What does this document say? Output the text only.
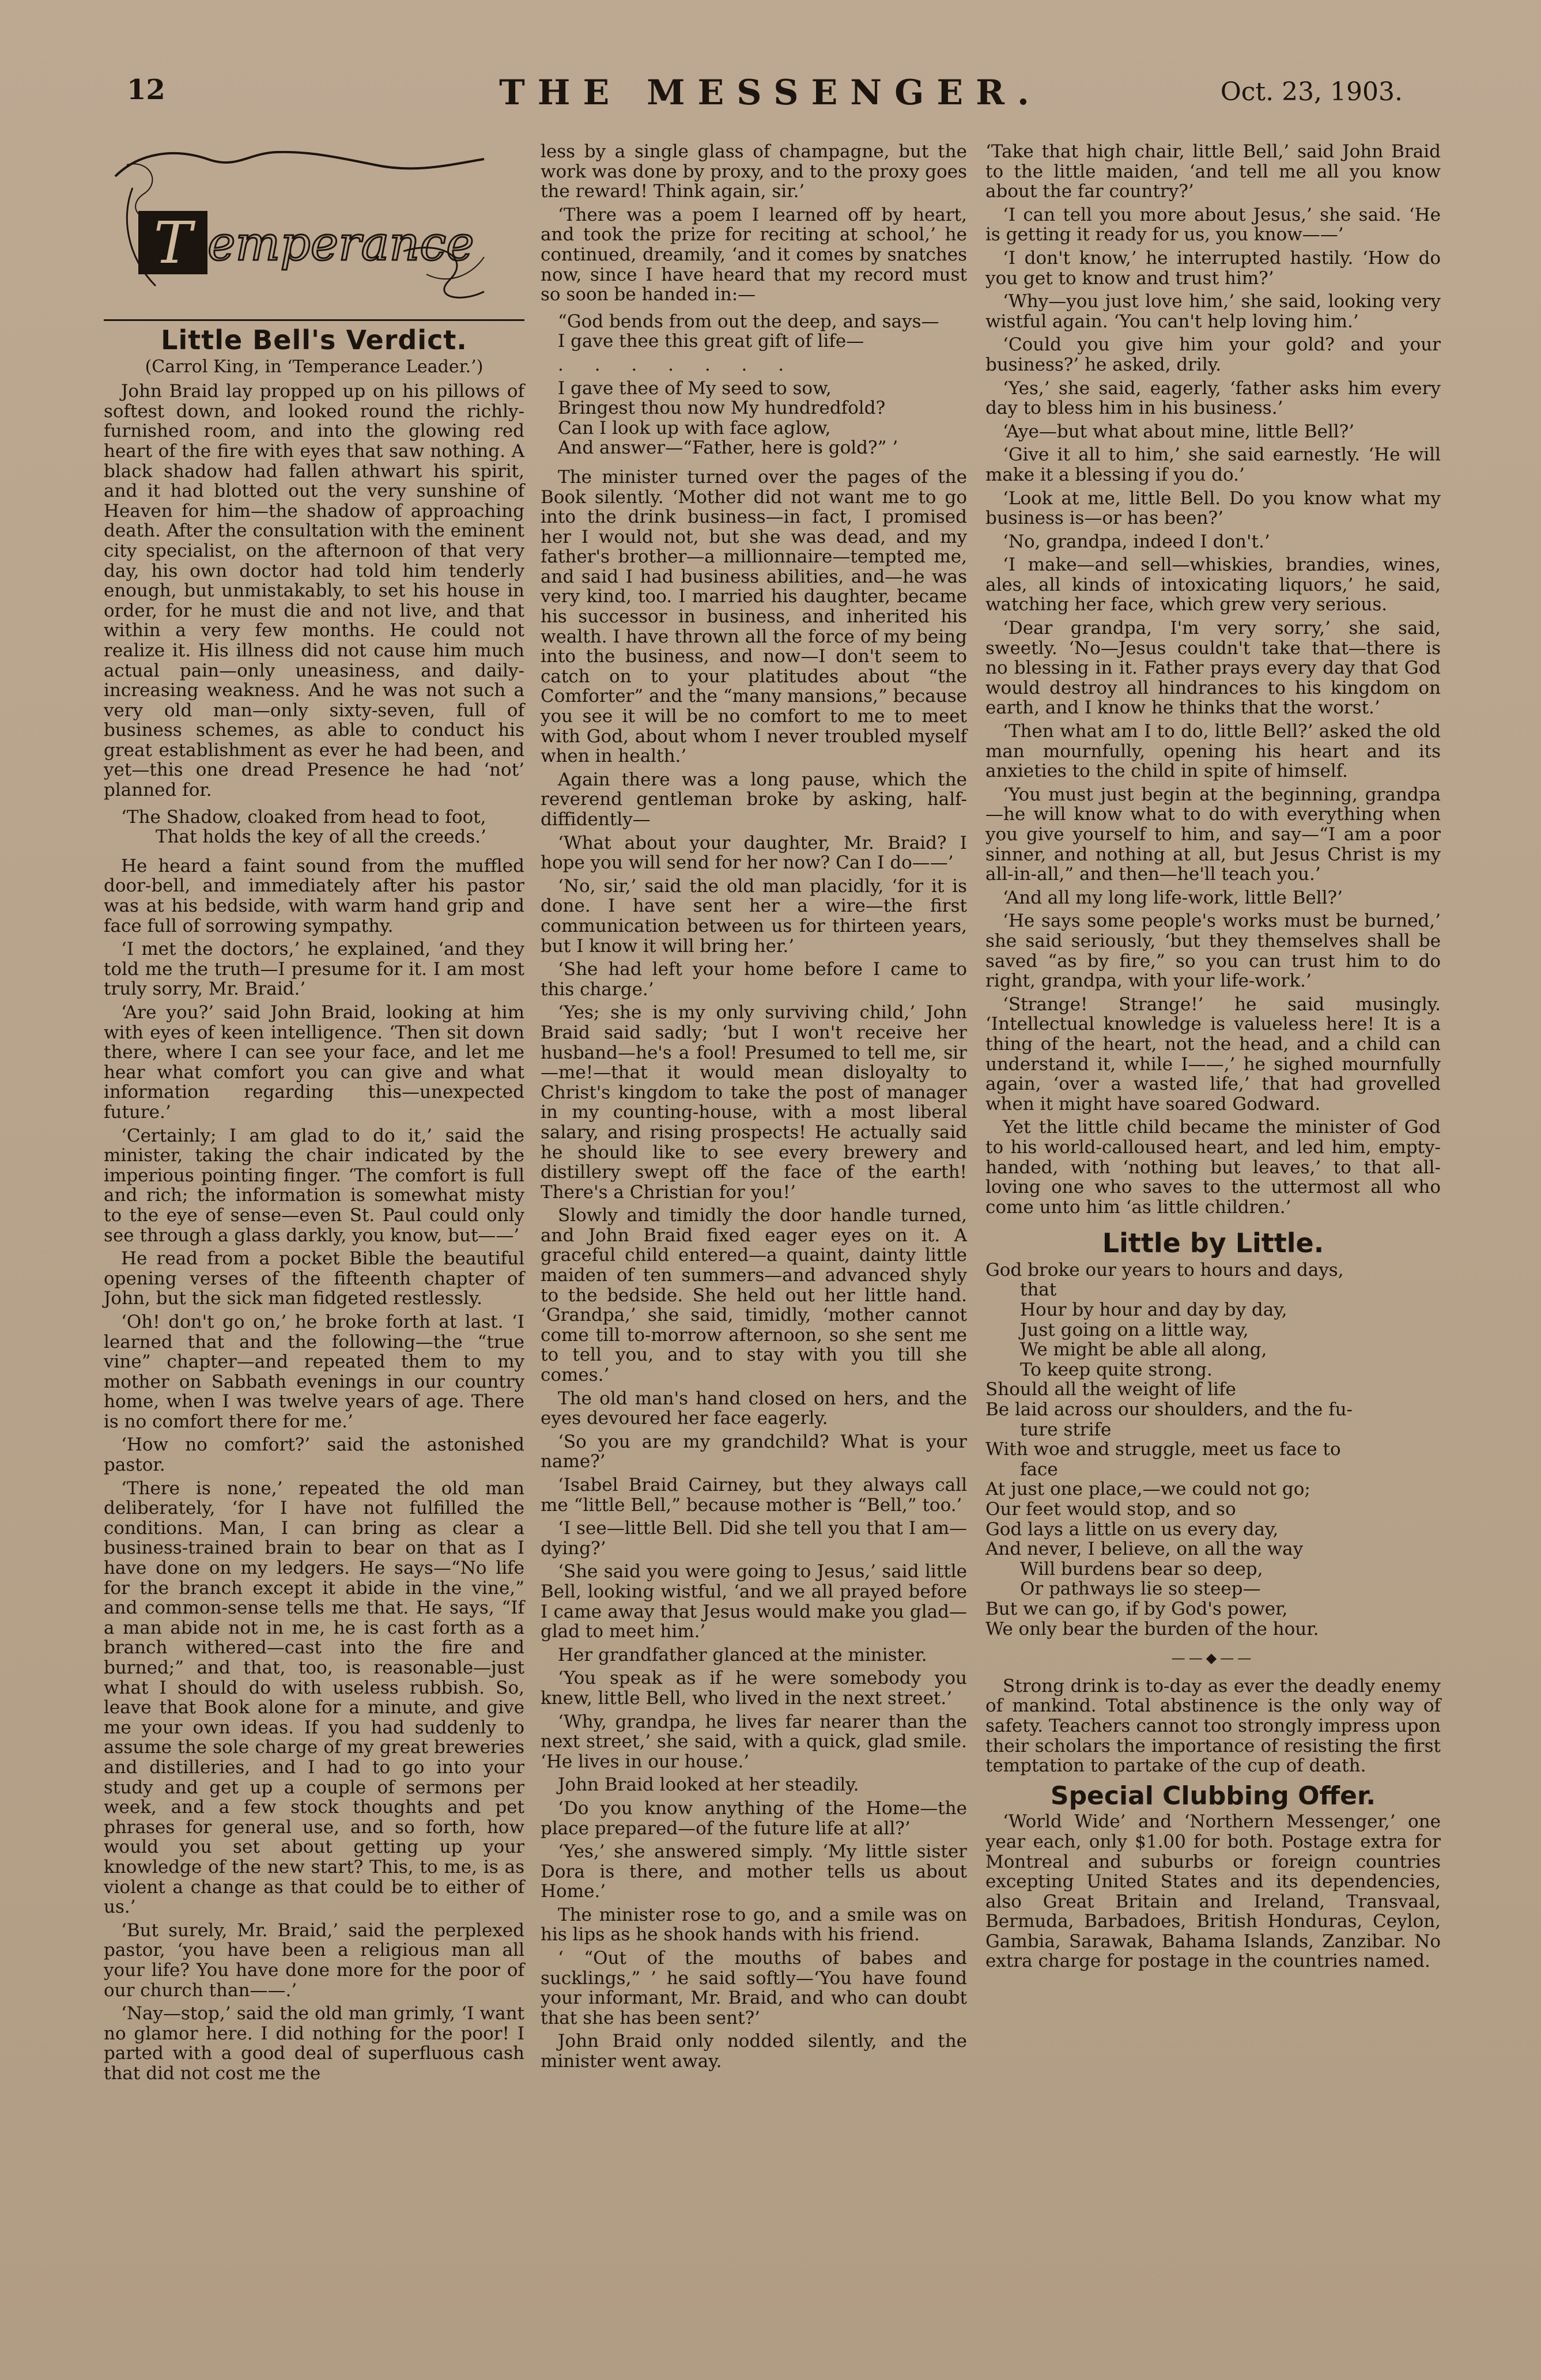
12	THE MESSENGER.	Oct. 23, 1903.
T emperance
Little Bell's Verdict.
(Carrol King, in ‘Temperance Leader.’)

John Braid lay propped up on his pillows of softest down, and looked round the richly-furnished room, and into the glowing red heart of the fire with eyes that saw nothing. A black shadow had fallen athwart his spirit, and it had blotted out the very sunshine of Heaven for him—the shadow of approaching death. After the consultation with the eminent city specialist, on the afternoon of that very day, his own doctor had told him tenderly enough, but unmistakably, to set his house in order, for he must die and not live, and that within a very few months. He could not realize it. His illness did not cause him much actual pain—only uneasiness, and daily-increasing weakness. And he was not such a very old man—only sixty-seven, full of business schemes, as able to conduct his great establishment as ever he had been, and yet—this one dread Presence he had ‘not’ planned for.

‘The Shadow, cloaked from head to foot,
That holds the key of all the creeds.’

He heard a faint sound from the muffled door-bell, and immediately after his pastor was at his bedside, with warm hand grip and face full of sorrowing sympathy.

‘I met the doctors,’ he explained, ‘and they told me the truth—I presume for it. I am most truly sorry, Mr. Braid.’

‘Are you?’ said John Braid, looking at him with eyes of keen intelligence. ‘Then sit down there, where I can see your face, and let me hear what comfort you can give and what information regarding this—unexpected future.’

‘Certainly; I am glad to do it,’ said the minister, taking the chair indicated by the imperious pointing finger. ‘The comfort is full and rich; the information is somewhat misty to the eye of sense—even St. Paul could only see through a glass darkly, you know, but——’

He read from a pocket Bible the beautiful opening verses of the fifteenth chapter of John, but the sick man fidgeted restlessly.

‘Oh! don't go on,’ he broke forth at last. ‘I learned that and the following—the “true vine” chapter—and repeated them to my mother on Sabbath evenings in our country home, when I was twelve years of age. There is no comfort there for me.’

‘How no comfort?’ said the astonished pastor.

‘There is none,’ repeated the old man deliberately, ‘for I have not fulfilled the conditions. Man, I can bring as clear a business-trained brain to bear on that as I have done on my ledgers. He says—“No life for the branch except it abide in the vine,” and common-sense tells me that. He says, “If a man abide not in me, he is cast forth as a branch withered—cast into the fire and burned;” and that, too, is reasonable—just what I should do with useless rubbish. So, leave that Book alone for a minute, and give me your own ideas. If you had suddenly to assume the sole charge of my great breweries and distilleries, and I had to go into your study and get up a couple of sermons per week, and a few stock thoughts and pet phrases for general use, and so forth, how would you set about getting up your knowledge of the new start? This, to me, is as violent a change as that could be to either of us.’

‘But surely, Mr. Braid,’ said the perplexed pastor, ‘you have been a religious man all your life? You have done more for the poor of our church than——.’

‘Nay—stop,’ said the old man grimly, ‘I want no glamor here. I did nothing for the poor! I parted with a good deal of superfluous cash that did not cost me the

less by a single glass of champagne, but the work was done by proxy, and to the proxy goes the reward! Think again, sir.’

‘There was a poem I learned off by heart, and took the prize for reciting at school,’ he continued, dreamily, ‘and it comes by snatches now, since I have heard that my record must so soon be handed in:—

“God bends from out the deep, and says—
I gave thee this great gift of life—
. . . . . . .
I gave thee of My seed to sow,
Bringest thou now My hundredfold?
Can I look up with face aglow,
And answer—“Father, here is gold?” ’

The minister turned over the pages of the Book silently. ‘Mother did not want me to go into the drink business—in fact, I promised her I would not, but she was dead, and my father's brother—a millionnaire—tempted me, and said I had business abilities, and—he was very kind, too. I married his daughter, became his successor in business, and inherited his wealth. I have thrown all the force of my being into the business, and now—I don't seem to catch on to your platitudes about “the Comforter” and the “many mansions,” because you see it will be no comfort to me to meet with God, about whom I never troubled myself when in health.’

Again there was a long pause, which the reverend gentleman broke by asking, half-diffidently—

‘What about your daughter, Mr. Braid? I hope you will send for her now? Can I do——’

‘No, sir,’ said the old man placidly, ‘for it is done. I have sent her a wire—the first communication between us for thirteen years, but I know it will bring her.’

‘She had left your home before I came to this charge.’

‘Yes; she is my only surviving child,’ John Braid said sadly; ‘but I won't receive her husband—he's a fool! Presumed to tell me, sir—me!—that it would mean disloyalty to Christ's kingdom to take the post of manager in my counting-house, with a most liberal salary, and rising prospects! He actually said he should like to see every brewery and distillery swept off the face of the earth! There's a Christian for you!’

Slowly and timidly the door handle turned, and John Braid fixed eager eyes on it. A graceful child entered—a quaint, dainty little maiden of ten summers—and advanced shyly to the bedside. She held out her little hand. ‘Grandpa,’ she said, timidly, ‘mother cannot come till to-morrow afternoon, so she sent me to tell you, and to stay with you till she comes.’

The old man's hand closed on hers, and the eyes devoured her face eagerly.

‘So you are my grandchild? What is your name?’

‘Isabel Braid Cairney, but they always call me “little Bell,” because mother is “Bell,” too.’

‘I see—little Bell. Did she tell you that I am—dying?’

‘She said you were going to Jesus,’ said little Bell, looking wistful, ‘and we all prayed before I came away that Jesus would make you glad—glad to meet him.’

Her grandfather glanced at the minister.

‘You speak as if he were somebody you knew, little Bell, who lived in the next street.’

‘Why, grandpa, he lives far nearer than the next street,’ she said, with a quick, glad smile. ‘He lives in our house.’

John Braid looked at her steadily.

‘Do you know anything of the Home—the place prepared—of the future life at all?’

‘Yes,’ she answered simply. ‘My little sister Dora is there, and mother tells us about Home.’

The minister rose to go, and a smile was on his lips as he shook hands with his friend.

‘ “Out of the mouths of babes and sucklings,” ’ he said softly—‘You have found your informant, Mr. Braid, and who can doubt that she has been sent?’

John Braid only nodded silently, and the minister went away.

‘Take that high chair, little Bell,’ said John Braid to the little maiden, ‘and tell me all you know about the far country?’

‘I can tell you more about Jesus,’ she said. ‘He is getting it ready for us, you know——’

‘I don't know,’ he interrupted hastily. ‘How do you get to know and trust him?’

‘Why—you just love him,’ she said, looking very wistful again. ‘You can't help loving him.’

‘Could you give him your gold? and your business?’ he asked, drily.

‘Yes,’ she said, eagerly, ‘father asks him every day to bless him in his business.’

‘Aye—but what about mine, little Bell?’

‘Give it all to him,’ she said earnestly. ‘He will make it a blessing if you do.’

‘Look at me, little Bell. Do you know what my business is—or has been?’

‘No, grandpa, indeed I don't.’

‘I make—and sell—whiskies, brandies, wines, ales, all kinds of intoxicating liquors,’ he said, watching her face, which grew very serious.

‘Dear grandpa, I'm very sorry,’ she said, sweetly. ‘No—Jesus couldn't take that—there is no blessing in it. Father prays every day that God would destroy all hindrances to his kingdom on earth, and I know he thinks that the worst.’

‘Then what am I to do, little Bell?’ asked the old man mournfully, opening his heart and its anxieties to the child in spite of himself.

‘You must just begin at the beginning, grandpa—he will know what to do with everything when you give yourself to him, and say—“I am a poor sinner, and nothing at all, but Jesus Christ is my all-in-all,” and then—he'll teach you.’

‘And all my long life-work, little Bell?’

‘He says some people's works must be burned,’ she said seriously, ‘but they themselves shall be saved “as by fire,” so you can trust him to do right, grandpa, with your life-work.’

‘Strange! Strange!’ he said musingly. ‘Intellectual knowledge is valueless here! It is a thing of the heart, not the head, and a child can understand it, while I——,’ he sighed mournfully again, ‘over a wasted life,’ that had grovelled when it might have soared Godward.

Yet the little child became the minister of God to his world-calloused heart, and led him, empty-handed, with ‘nothing but leaves,’ to that all-loving one who saves to the uttermost all who come unto him ‘as little children.’

Little by Little.
God broke our years to hours and days,
that
Hour by hour and day by day,
Just going on a little way,
We might be able all along,
To keep quite strong.
Should all the weight of life
Be laid across our shoulders, and the fu-
ture strife
With woe and struggle, meet us face to
face
At just one place,—we could not go;
Our feet would stop, and so
God lays a little on us every day,
And never, I believe, on all the way
Will burdens bear so deep,
Or pathways lie so steep—
But we can go, if by God's power,
We only bear the burden of the hour.
——◆——

Strong drink is to-day as ever the deadly enemy of mankind. Total abstinence is the only way of safety. Teachers cannot too strongly impress upon their scholars the importance of resisting the first temptation to partake of the cup of death.

Special Clubbing Offer.

‘World Wide’ and ‘Northern Messenger,’ one year each, only $1.00 for both. Postage extra for Montreal and suburbs or foreign countries excepting United States and its dependencies, also Great Britain and Ireland, Transvaal, Bermuda, Barbadoes, British Honduras, Ceylon, Gambia, Sarawak, Bahama Islands, Zanzibar. No extra charge for postage in the countries named.
